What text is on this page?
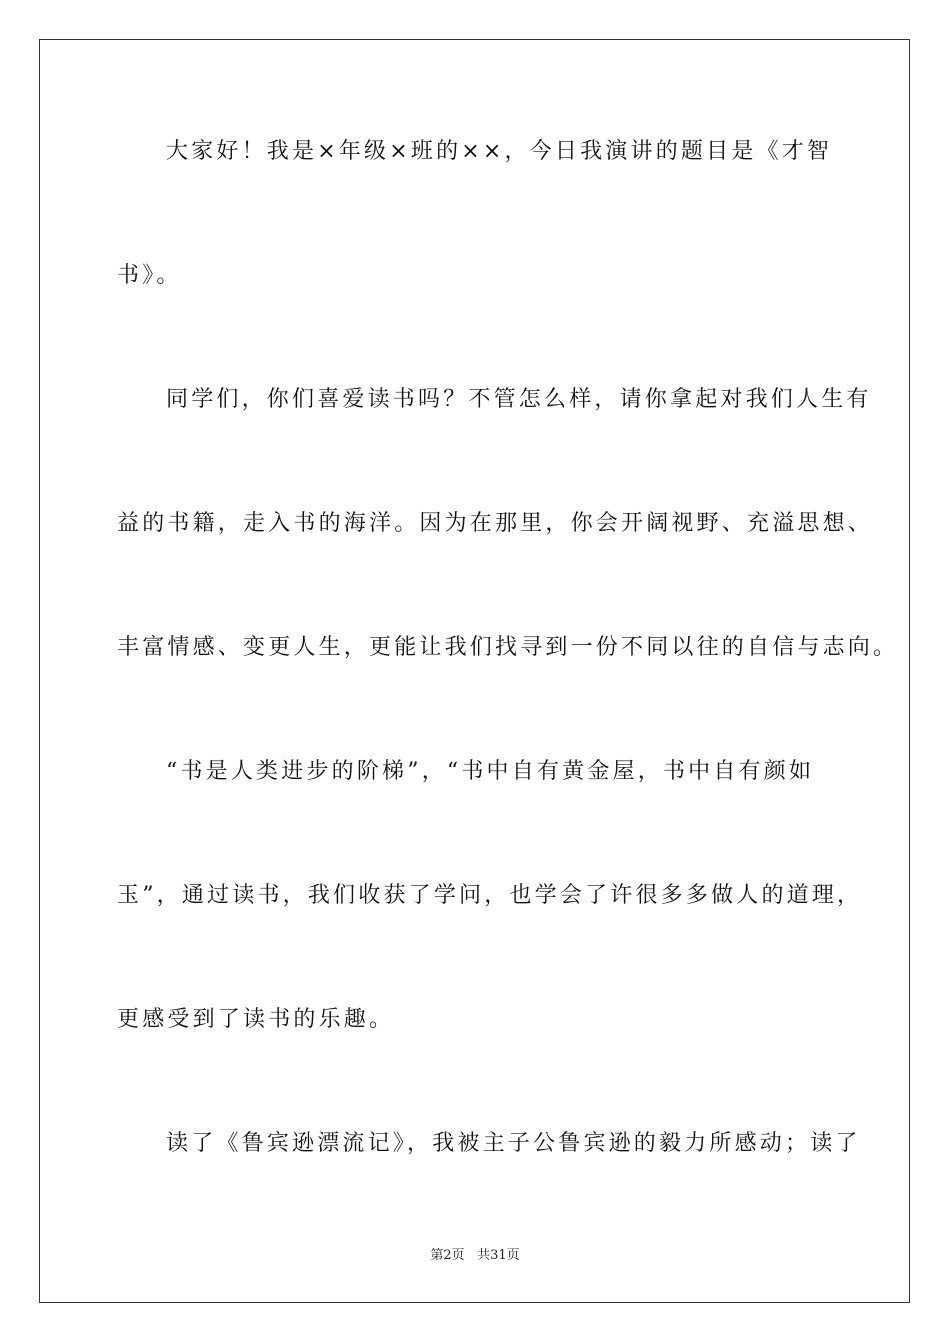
大家好！我是×年级×班的××，今日我演讲的题目是《才智
书》。
同学们，你们喜爱读书吗？不管怎么样，请你拿起对我们人生有
益的书籍，走入书的海洋。因为在那里，你会开阔视野、充溢思想、
丰富情感、变更人生，更能让我们找寻到一份不同以往的自信与志向。
“书是人类进步的阶梯”，“书中自有黄金屋，书中自有颜如
玉”，通过读书，我们收获了学问，也学会了许很多多做人的道理，
更感受到了读书的乐趣。
读了《鲁宾逊漂流记》，我被主子公鲁宾逊的毅力所感动；读了
第2页 共31页
